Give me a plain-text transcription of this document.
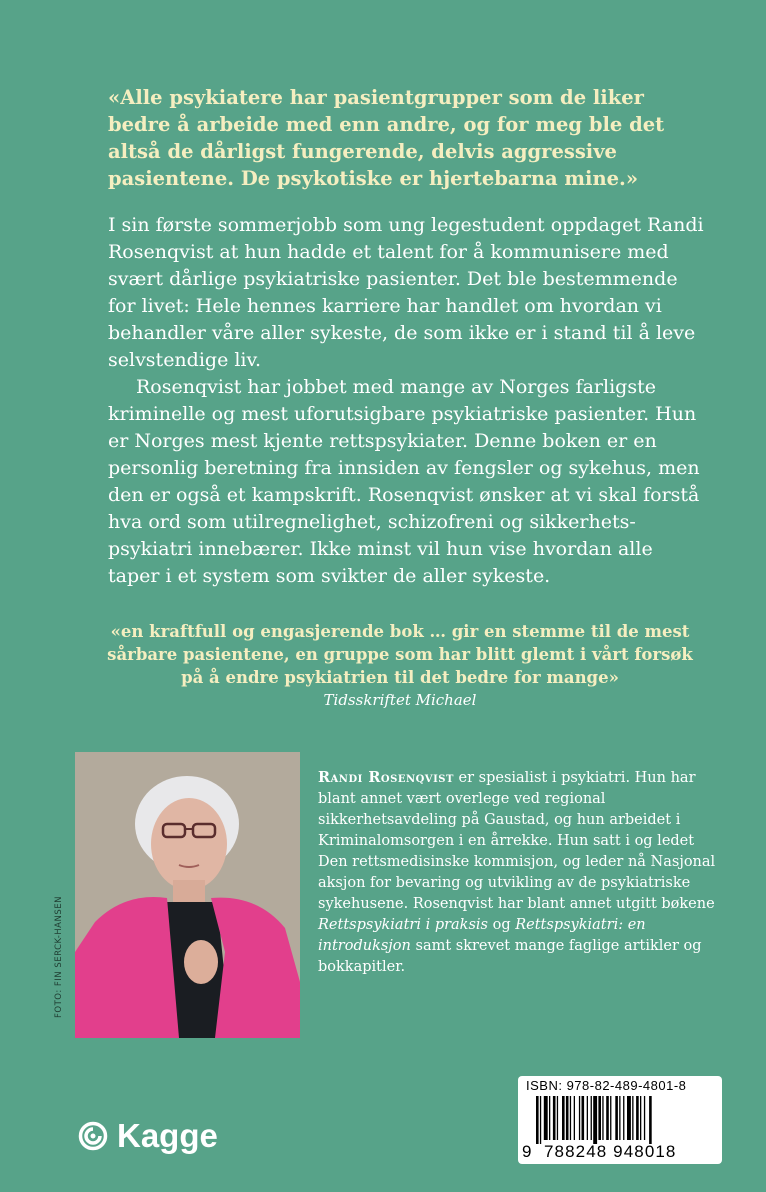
«Alle psykiatere har pasientgrupper som de liker bedre å arbeide med enn andre, og for meg ble det altså de dårligst fungerende, delvis aggressive pasientene. De psykotiske er hjertebarna mine.»

I sin første sommerjobb som ung legestudent oppdaget Randi Rosenqvist at hun hadde et talent for å kommunisere med svært dårlige psykiatriske pasienter. Det ble bestemmende for livet: Hele hennes karriere har handlet om hvordan vi behandler våre aller sykeste, de som ikke er i stand til å leve selvstendige liv.

Rosenqvist har jobbet med mange av Norges farligste kriminelle og mest uforutsigbare psykiatriske pasienter. Hun er Norges mest kjente rettspsykiater. Denne boken er en personlig beretning fra innsiden av fengsler og sykehus, men den er også et kampskrift. Rosenqvist ønsker at vi skal forstå hva ord som utilregnelighet, schizofreni og sikkerhets-psykiatri innebærer. Ikke minst vil hun vise hvordan alle taper i et system som svikter de aller sykeste.

«en kraftfull og engasjerende bok … gir en stemme til de mest sårbare pasientene, en gruppe som har blitt glemt i vårt forsøk på å endre psykiatrien til det bedre for mange»
Tidsskriftet Michael
FOTO: FIN SERCK-HANSEN
Randi Rosenqvist er spesialist i psykiatri. Hun har blant annet vært overlege ved regional sikkerhetsavdeling på Gaustad, og hun arbeidet i Kriminalomsorgen i en årrekke. Hun satt i og ledet Den rettsmedisinske kommisjon, og leder nå Nasjonal aksjon for bevaring og utvikling av de psykiatriske sykehusene. Rosenqvist har blant annet utgitt bøkene Rettspsykiatri i praksis og Rettspsykiatri: en introduksjon samt skrevet mange faglige artikler og bokkapitler.
Kagge
ISBN: 978-82-489-4801-8
9 788248 948018
